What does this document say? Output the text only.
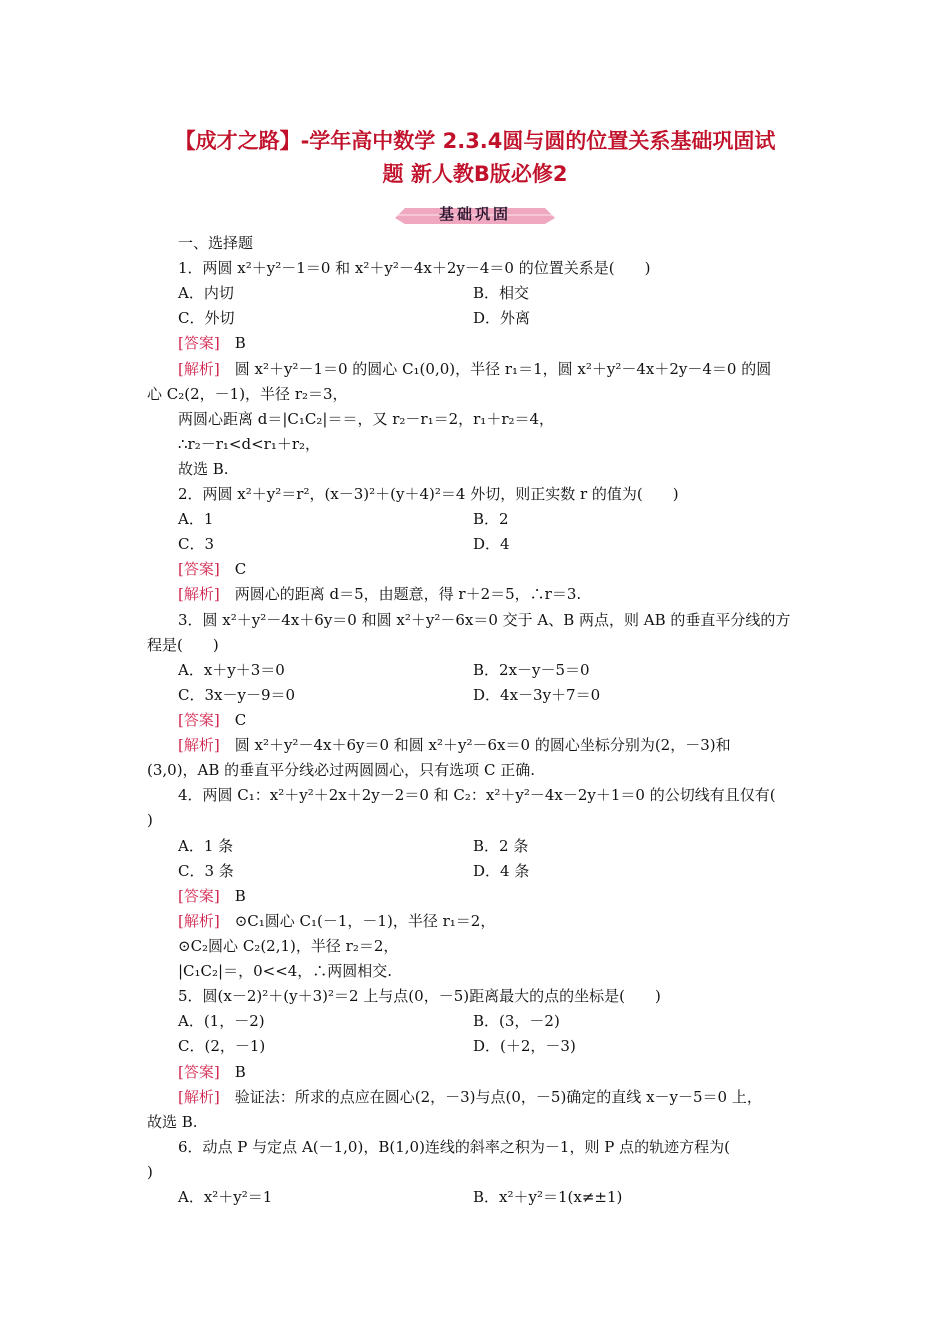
【成才之路】-学年高中数学 2.3.4圆与圆的位置关系基础巩固试
题 新人教B版必修2
基础巩固
一、选择题
1．两圆 x²＋y²－1＝0 和 x²＋y²－4x＋2y－4＝0 的位置关系是(　　)
A．内切	B．相交
C．外切	D．外离
[答案]　B
[解析]　圆 x²＋y²－1＝0 的圆心 C₁(0,0)，半径 r₁＝1，圆 x²＋y²－4x＋2y－4＝0 的圆
心 C₂(2，－1)，半径 r₂＝3，
两圆心距离 d＝|C₁C₂|＝＝，又 r₂－r₁＝2，r₁＋r₂＝4，
∴r₂－r₁<d<r₁＋r₂，
故选 B.
2．两圆 x²＋y²＝r²，(x－3)²＋(y＋4)²＝4 外切，则正实数 r 的值为(　　)
A．1	B．2
C．3	D．4
[答案]　C
[解析]　两圆心的距离 d＝5，由题意，得 r＋2＝5，∴r＝3.
3．圆 x²＋y²－4x＋6y＝0 和圆 x²＋y²－6x＝0 交于 A、B 两点，则 AB 的垂直平分线的方
程是(　　)
A．x＋y＋3＝0	B．2x－y－5＝0
C．3x－y－9＝0	D．4x－3y＋7＝0
[答案]　C
[解析]　圆 x²＋y²－4x＋6y＝0 和圆 x²＋y²－6x＝0 的圆心坐标分别为(2，－3)和
(3,0)，AB 的垂直平分线必过两圆圆心，只有选项 C 正确.
4．两圆 C₁：x²＋y²＋2x＋2y－2＝0 和 C₂：x²＋y²－4x－2y＋1＝0 的公切线有且仅有(
)
A．1 条	B．2 条
C．3 条	D．4 条
[答案]　B
[解析]　⊙C₁圆心 C₁(－1，－1)，半径 r₁＝2，
⊙C₂圆心 C₂(2,1)，半径 r₂＝2，
|C₁C₂|＝，0<<4，∴两圆相交.
5．圆(x－2)²＋(y＋3)²＝2 上与点(0，－5)距离最大的点的坐标是(　　)
A．(1，－2)	B．(3，－2)
C．(2，－1)	D．(＋2，－3)
[答案]　B
[解析]　验证法：所求的点应在圆心(2，－3)与点(0，－5)确定的直线 x－y－5＝0 上，
故选 B.
6．动点 P 与定点 A(－1,0)，B(1,0)连线的斜率之积为－1，则 P 点的轨迹方程为(
)
A．x²＋y²＝1	B．x²＋y²＝1(x≠±1)
